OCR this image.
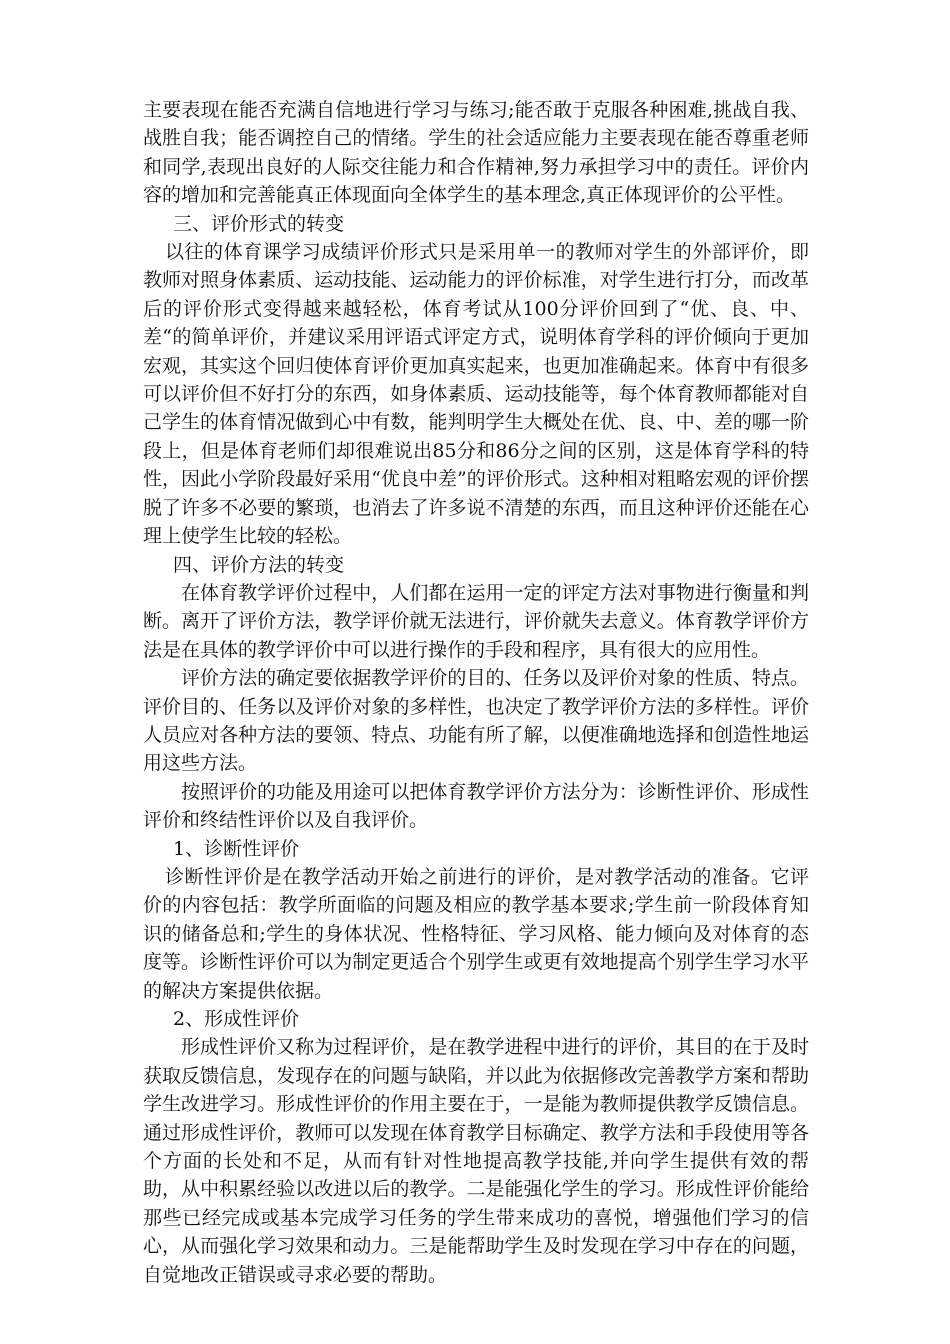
主要表现在能否充满自信地进行学习与练习;能否敢于克服各种困难,挑战自我、战胜自我；能否调控自己的情绪。学生的社会适应能力主要表现在能否尊重老师和同学,表现出良好的人际交往能力和合作精神,努力承担学习中的责任。评价内容的增加和完善能真正体现面向全体学生的基本理念,真正体现评价的公平性。

三、评价形式的转变

以往的体育课学习成绩评价形式只是采用单一的教师对学生的外部评价，即教师对照身体素质、运动技能、运动能力的评价标准，对学生进行打分，而改革后的评价形式变得越来越轻松，体育考试从100分评价回到了“优、良、中、差“的简单评价，并建议采用评语式评定方式，说明体育学科的评价倾向于更加宏观，其实这个回归使体育评价更加真实起来，也更加准确起来。体育中有很多可以评价但不好打分的东西，如身体素质、运动技能等，每个体育教师都能对自己学生的体育情况做到心中有数，能判明学生大概处在优、良、中、差的哪一阶段上，但是体育老师们却很难说出85分和86分之间的区别，这是体育学科的特性，因此小学阶段最好采用“优良中差”的评价形式。这种相对粗略宏观的评价摆脱了许多不必要的繁琐，也消去了许多说不清楚的东西，而且这种评价还能在心理上使学生比较的轻松。

四、评价方法的转变

在体育教学评价过程中，人们都在运用一定的评定方法对事物进行衡量和判断。离开了评价方法，教学评价就无法进行，评价就失去意义。体育教学评价方法是在具体的教学评价中可以进行操作的手段和程序，具有很大的应用性。

评价方法的确定要依据教学评价的目的、任务以及评价对象的性质、特点。评价目的、任务以及评价对象的多样性，也决定了教学评价方法的多样性。评价人员应对各种方法的要领、特点、功能有所了解，以便准确地选择和创造性地运用这些方法。

按照评价的功能及用途可以把体育教学评价方法分为：诊断性评价、形成性评价和终结性评价以及自我评价。

1、诊断性评价

诊断性评价是在教学活动开始之前进行的评价，是对教学活动的准备。它评价的内容包括：教学所面临的问题及相应的教学基本要求;学生前一阶段体育知识的储备总和;学生的身体状况、性格特征、学习风格、能力倾向及对体育的态度等。诊断性评价可以为制定更适合个别学生或更有效地提高个别学生学习水平的解决方案提供依据。

2、形成性评价

形成性评价又称为过程评价，是在教学进程中进行的评价，其目的在于及时获取反馈信息，发现存在的问题与缺陷，并以此为依据修改完善教学方案和帮助学生改进学习。形成性评价的作用主要在于，一是能为教师提供教学反馈信息。通过形成性评价，教师可以发现在体育教学目标确定、教学方法和手段使用等各个方面的长处和不足，从而有针对性地提高教学技能,并向学生提供有效的帮助，从中积累经验以改进以后的教学。二是能强化学生的学习。形成性评价能给那些已经完成或基本完成学习任务的学生带来成功的喜悦，增强他们学习的信心，从而强化学习效果和动力。三是能帮助学生及时发现在学习中存在的问题，自觉地改正错误或寻求必要的帮助。
